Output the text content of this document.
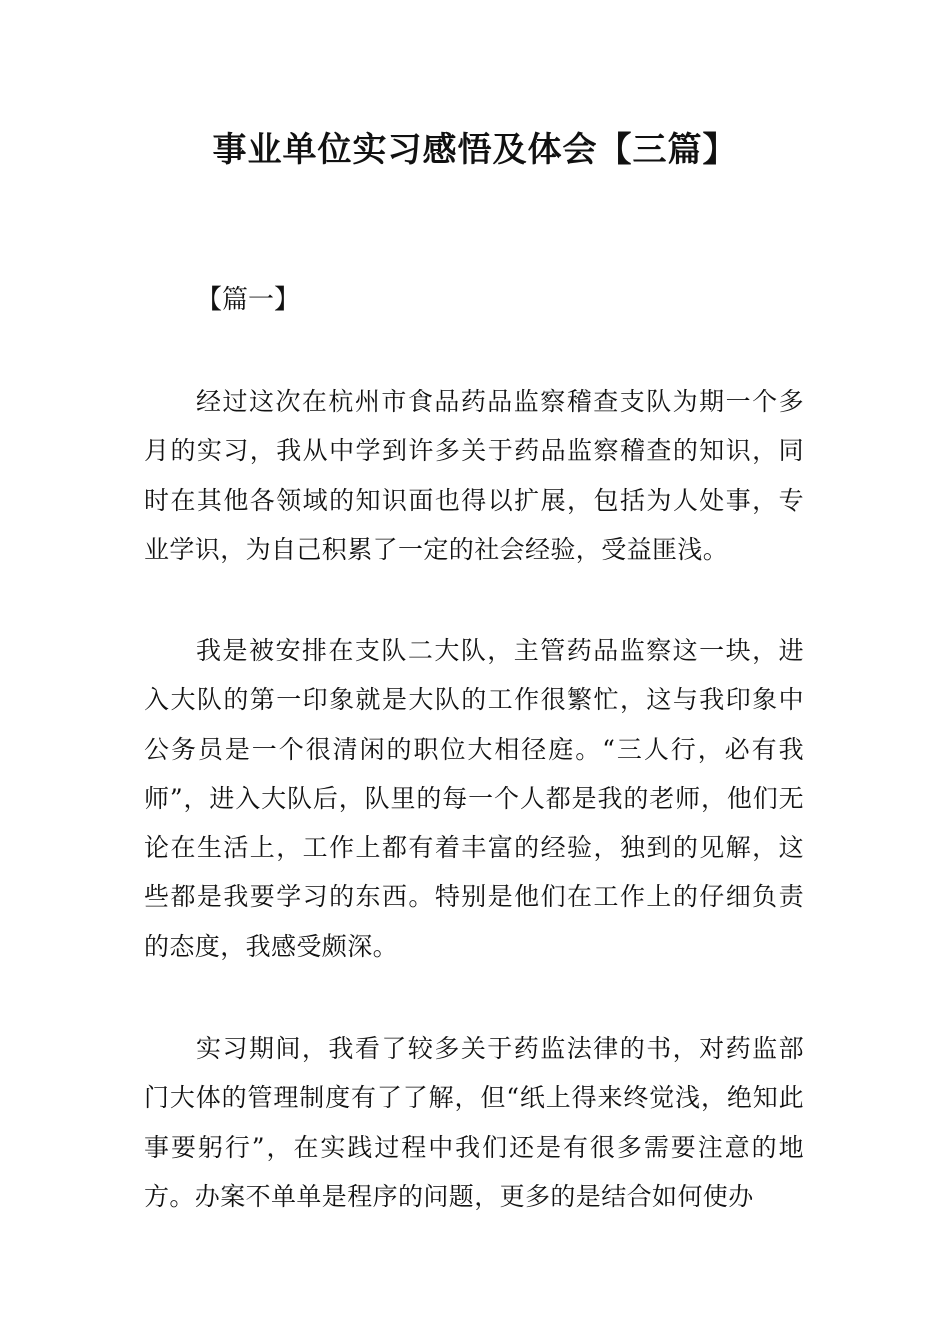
事业单位实习感悟及体会【三篇】
【篇一】

经过这次在杭州市食品药品监察稽查支队为期一个多月的实习，我从中学到许多关于药品监察稽查的知识，同时在其他各领域的知识面也得以扩展，包括为人处事，专业学识，为自己积累了一定的社会经验，受益匪浅。

我是被安排在支队二大队，主管药品监察这一块，进入大队的第一印象就是大队的工作很繁忙，这与我印象中公务员是一个很清闲的职位大相径庭。“三人行，必有我师”，进入大队后，队里的每一个人都是我的老师，他们无论在生活上，工作上都有着丰富的经验，独到的见解，这些都是我要学习的东西。特别是他们在工作上的仔细负责的态度，我感受颇深。

实习期间，我看了较多关于药监法律的书，对药监部门大体的管理制度有了了解，但“纸上得来终觉浅，绝知此事要躬行”，在实践过程中我们还是有很多需要注意的地方。办案不单单是程序的问题，更多的是结合如何使办
